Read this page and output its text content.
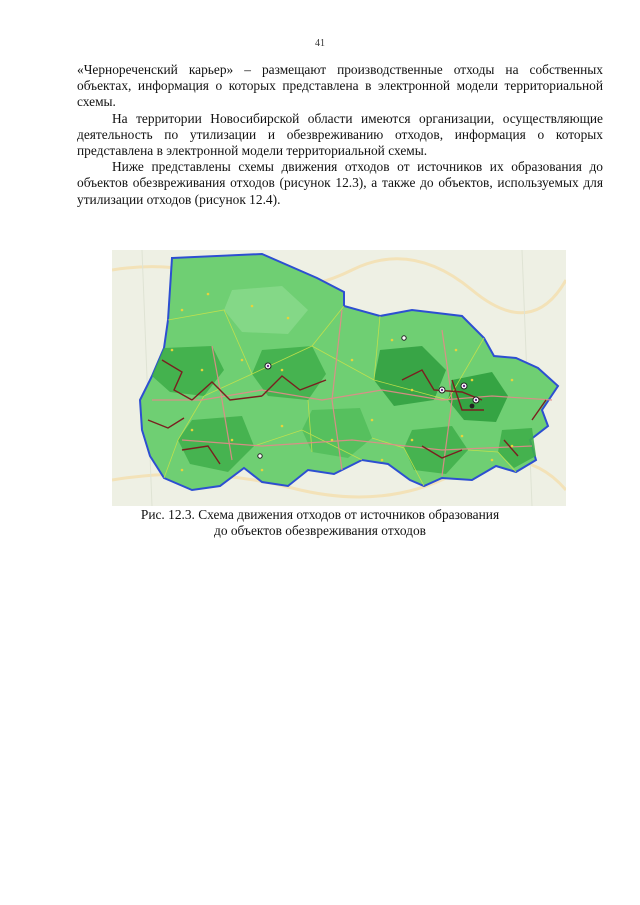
41

«Чернореченский карьер» – размещают производственные отходы на собственных объектах, информация о которых представлена в электронной модели территориальной схемы.

На территории Новосибирской области имеются организации, осуществляющие деятельность по утилизации и обезвреживанию отходов, информация о которых представлена в электронной модели территориальной схемы.

Ниже представлены схемы движения отходов от источников их образования до объектов обезвреживания отходов (рисунок 12.3), а также до объектов, используемых для утилизации отходов (рисунок 12.4).

Рис. 12.3. Схема движения отходов от источников образования
до объектов обезвреживания отходов
